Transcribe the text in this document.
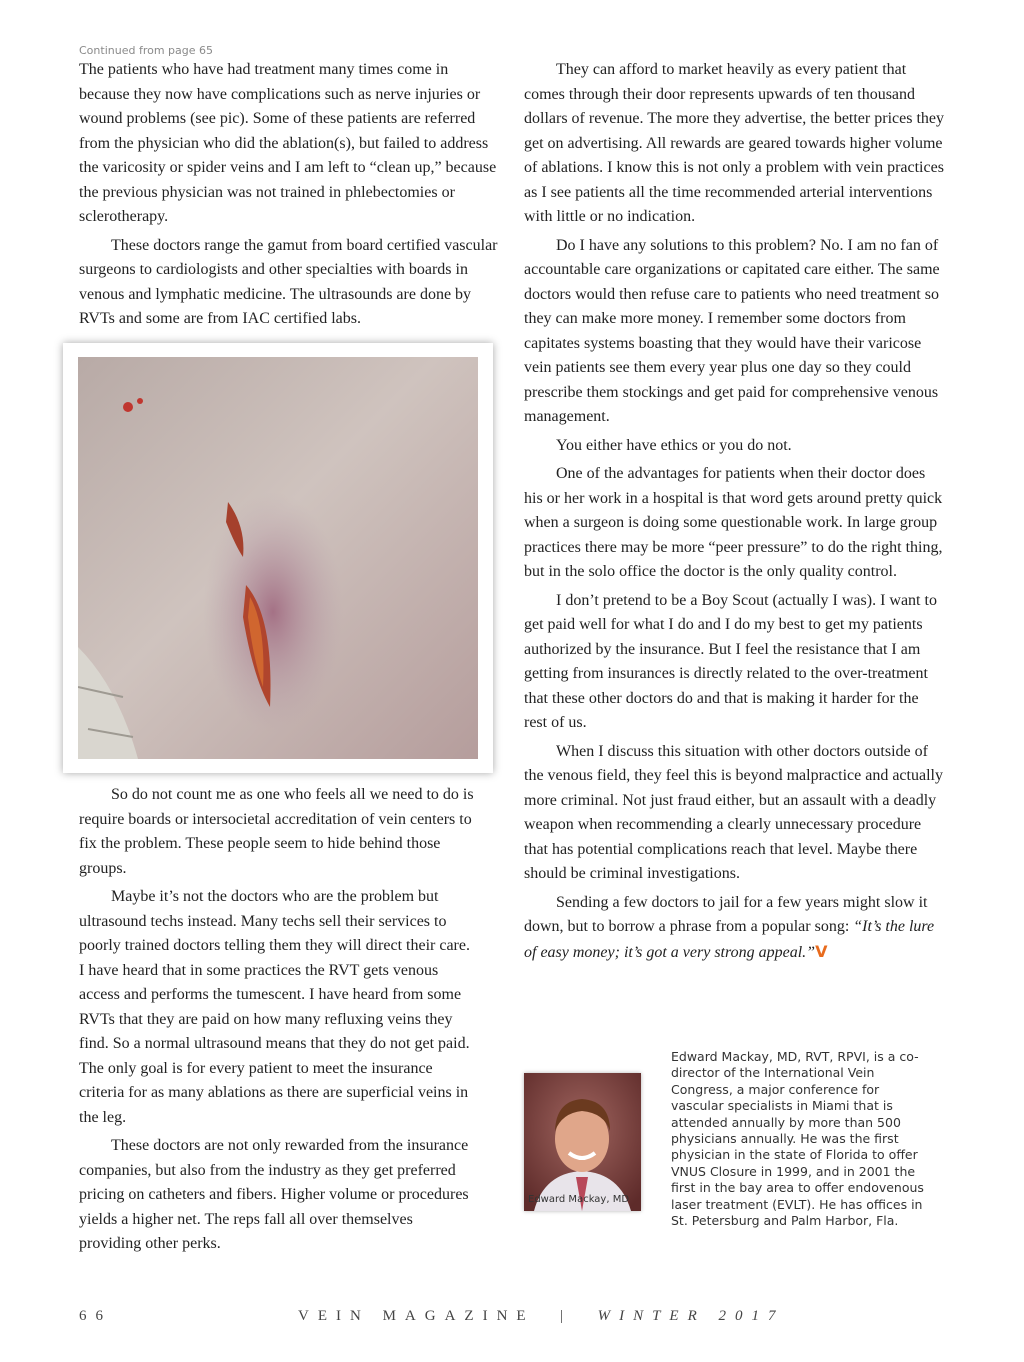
Continued from page 65

The patients who have had treatment many times come in because they now have complications such as nerve injuries or wound problems (see pic). Some of these patients are referred from the physician who did the ablation(s), but failed to address the varicosity or spider veins and I am left to “clean up,” because the previous physician was not trained in phlebectomies or sclerotherapy.

These doctors range the gamut from board certified vascular surgeons to cardiologists and other specialties with boards in venous and lymphatic medicine. The ultrasounds are done by RVTs and some are from IAC certified labs.

So do not count me as one who feels all we need to do is require boards or intersocietal accreditation of vein centers to fix the problem. These people seem to hide behind those groups.

Maybe it’s not the doctors who are the problem but ultrasound techs instead. Many techs sell their services to poorly trained doctors telling them they will direct their care. I have heard that in some practices the RVT gets venous access and performs the tumescent. I have heard from some RVTs that they are paid on how many refluxing veins they find. So a normal ultrasound means that they do not get paid. The only goal is for every patient to meet the insurance criteria for as many ablations as there are superficial veins in the leg.

These doctors are not only rewarded from the insurance companies, but also from the industry as they get preferred pricing on catheters and fibers. Higher volume or procedures yields a higher net. The reps fall all over themselves providing other perks.

They can afford to market heavily as every patient that comes through their door represents upwards of ten thousand dollars of revenue. The more they advertise, the better prices they get on advertising. All rewards are geared towards higher volume of ablations. I know this is not only a problem with vein practices as I see patients all the time recommended arterial interventions with little or no indication.

Do I have any solutions to this problem? No. I am no fan of accountable care organizations or capitated care either. The same doctors would then refuse care to patients who need treatment so they can make more money. I remember some doctors from capitates systems boasting that they would have their varicose vein patients see them every year plus one day so they could prescribe them stockings and get paid for comprehensive venous management.

You either have ethics or you do not.

One of the advantages for patients when their doctor does his or her work in a hospital is that word gets around pretty quick when a surgeon is doing some questionable work. In large group practices there may be more “peer pressure” to do the right thing, but in the solo office the doctor is the only quality control.

I don’t pretend to be a Boy Scout (actually I was). I want to get paid well for what I do and I do my best to get my patients authorized by the insurance. But I feel the resistance that I am getting from insurances is directly related to the over-treatment that these other doctors do and that is making it harder for the rest of us.

When I discuss this situation with other doctors outside of the venous field, they feel this is beyond malpractice and actually more criminal. Not just fraud either, but an assault with a deadly weapon when recommending a clearly unnecessary procedure that has potential complications reach that level. Maybe there should be criminal investigations.

Sending a few doctors to jail for a few years might slow it down, but to borrow a phrase from a popular song: “It’s the lure of easy money; it’s got a very strong appeal.”V

Edward Mackay, MD
Edward Mackay, MD, RVT, RPVI, is a co-director of the International Vein Congress, a major conference for vascular specialists in Miami that is attended annually by more than 500 physicians annually. He was the first physician in the state of Florida to offer VNUS Closure in 1999, and in 2001 the first in the bay area to offer endovenous laser treatment (EVLT). He has offices in St. Petersburg and Palm Harbor, Fla.
66	VEIN MAGAZINE | WINTER 2017
